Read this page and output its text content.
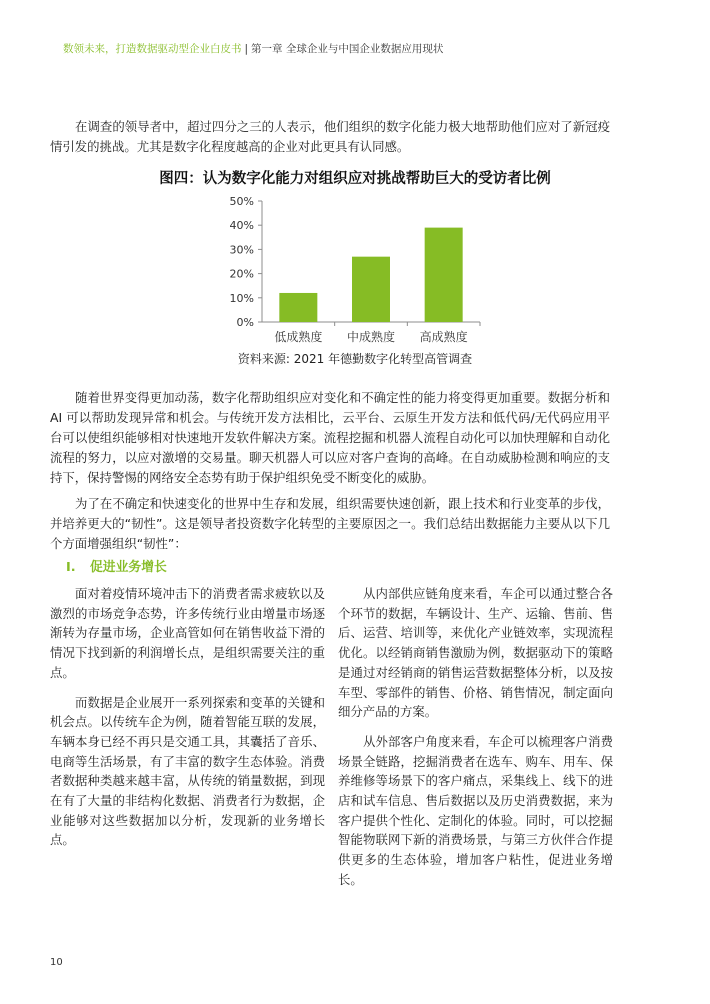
数领未来，打造数据驱动型企业白皮书 | 第一章 全球企业与中国企业数据应用现状

在调查的领导者中，超过四分之三的人表示，他们组织的数字化能力极大地帮助他们应对了新冠疫情引发的挑战。尤其是数字化程度越高的企业对此更具有认同感。

图四：认为数字化能力对组织应对挑战帮助巨大的受访者比例
0%
10%
20%
30%
40%
50%
低成熟度 中成熟度 高成熟度
资料来源: 2021 年德勤数字化转型高管调查

随着世界变得更加动荡，数字化帮助组织应对变化和不确定性的能力将变得更加重要。数据分析和 AI 可以帮助发现异常和机会。与传统开发方法相比，云平台、云原生开发方法和低代码/无代码应用平台可以使组织能够相对快速地开发软件解决方案。流程挖掘和机器人流程自动化可以加快理解和自动化流程的努力，以应对激增的交易量。聊天机器人可以应对客户查询的高峰。在自动威胁检测和响应的支持下，保持警惕的网络安全态势有助于保护组织免受不断变化的威胁。

为了在不确定和快速变化的世界中生存和发展，组织需要快速创新，跟上技术和行业变革的步伐，并培养更大的“韧性”。这是领导者投资数字化转型的主要原因之一。我们总结出数据能力主要从以下几个方面增强组织“韧性”：

I. 促进业务增长

面对着疫情环境冲击下的消费者需求疲软以及激烈的市场竞争态势，许多传统行业由增量市场逐渐转为存量市场，企业高管如何在销售收益下滑的情况下找到新的利润增长点，是组织需要关注的重点。

而数据是企业展开一系列探索和变革的关键和机会点。以传统车企为例，随着智能互联的发展，车辆本身已经不再只是交通工具，其囊括了音乐、电商等生活场景，有了丰富的数字生态体验。消费者数据种类越来越丰富，从传统的销量数据，到现在有了大量的非结构化数据、消费者行为数据，企业能够对这些数据加以分析，发现新的业务增长点。

从内部供应链角度来看，车企可以通过整合各个环节的数据，车辆设计、生产、运输、售前、售后、运营、培训等，来优化产业链效率，实现流程优化。以经销商销售激励为例，数据驱动下的策略是通过对经销商的销售运营数据整体分析，以及按车型、零部件的销售、价格、销售情况，制定面向细分产品的方案。

从外部客户角度来看，车企可以梳理客户消费场景全链路，挖掘消费者在选车、购车、用车、保养维修等场景下的客户痛点，采集线上、线下的进店和试车信息、售后数据以及历史消费数据，来为客户提供个性化、定制化的体验。同时，可以挖掘智能物联网下新的消费场景，与第三方伙伴合作提供更多的生态体验，增加客户粘性，促进业务增长。

10
